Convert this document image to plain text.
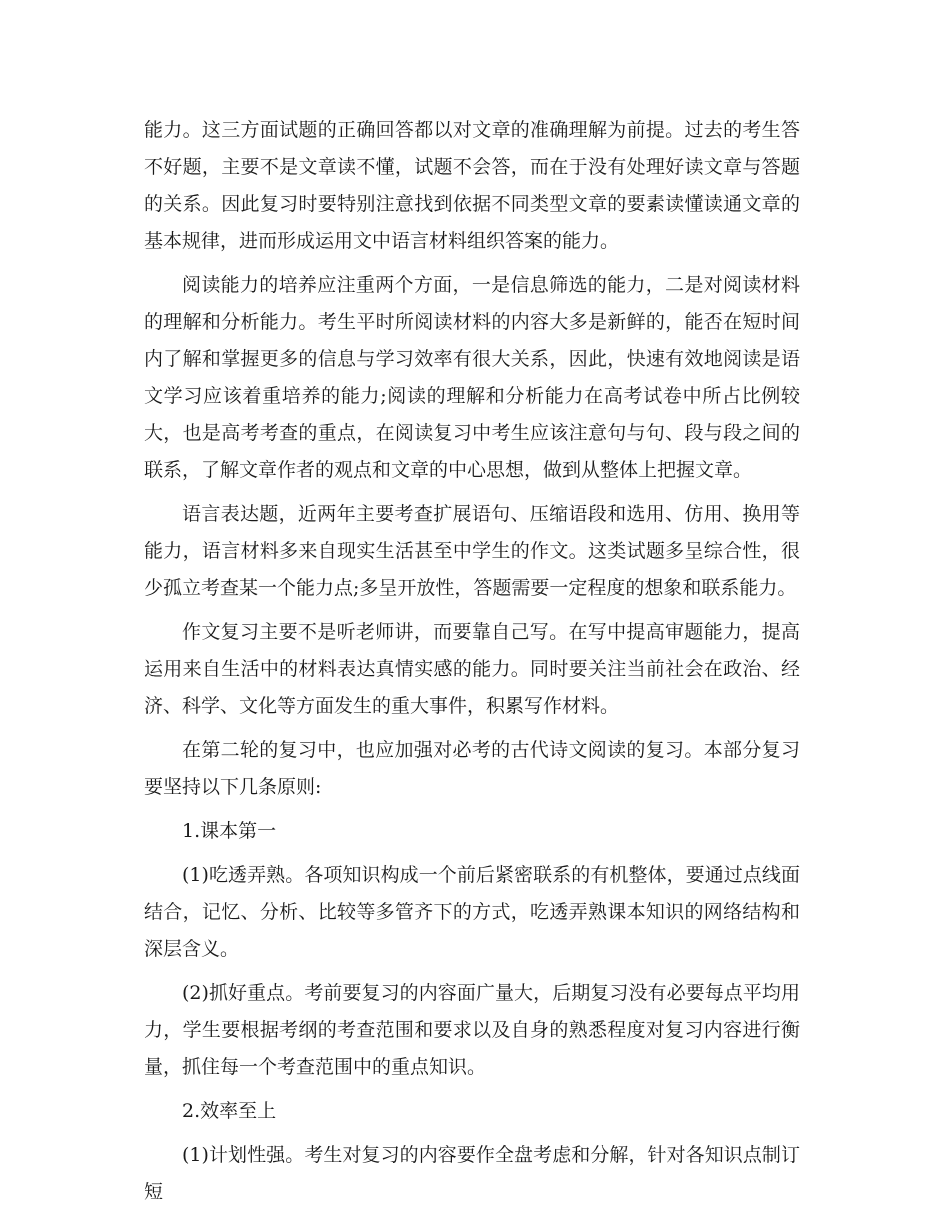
能力。这三方面试题的正确回答都以对文章的准确理解为前提。过去的考生答不好题，主要不是文章读不懂，试题不会答，而在于没有处理好读文章与答题的关系。因此复习时要特别注意找到依据不同类型文章的要素读懂读通文章的基本规律，进而形成运用文中语言材料组织答案的能力。

阅读能力的培养应注重两个方面，一是信息筛选的能力，二是对阅读材料的理解和分析能力。考生平时所阅读材料的内容大多是新鲜的，能否在短时间内了解和掌握更多的信息与学习效率有很大关系，因此，快速有效地阅读是语文学习应该着重培养的能力;阅读的理解和分析能力在高考试卷中所占比例较大，也是高考考查的重点，在阅读复习中考生应该注意句与句、段与段之间的联系，了解文章作者的观点和文章的中心思想，做到从整体上把握文章。

语言表达题，近两年主要考查扩展语句、压缩语段和选用、仿用、换用等能力，语言材料多来自现实生活甚至中学生的作文。这类试题多呈综合性，很少孤立考查某一个能力点;多呈开放性，答题需要一定程度的想象和联系能力。

作文复习主要不是听老师讲，而要靠自己写。在写中提高审题能力，提高运用来自生活中的材料表达真情实感的能力。同时要关注当前社会在政治、经济、科学、文化等方面发生的重大事件，积累写作材料。

在第二轮的复习中，也应加强对必考的古代诗文阅读的复习。本部分复习要坚持以下几条原则:

1.课本第一

(1)吃透弄熟。各项知识构成一个前后紧密联系的有机整体，要通过点线面结合，记忆、分析、比较等多管齐下的方式，吃透弄熟课本知识的网络结构和深层含义。

(2)抓好重点。考前要复习的内容面广量大，后期复习没有必要每点平均用力，学生要根据考纲的考查范围和要求以及自身的熟悉程度对复习内容进行衡量，抓住每一个考查范围中的重点知识。

2.效率至上

(1)计划性强。考生对复习的内容要作全盘考虑和分解，针对各知识点制订短
